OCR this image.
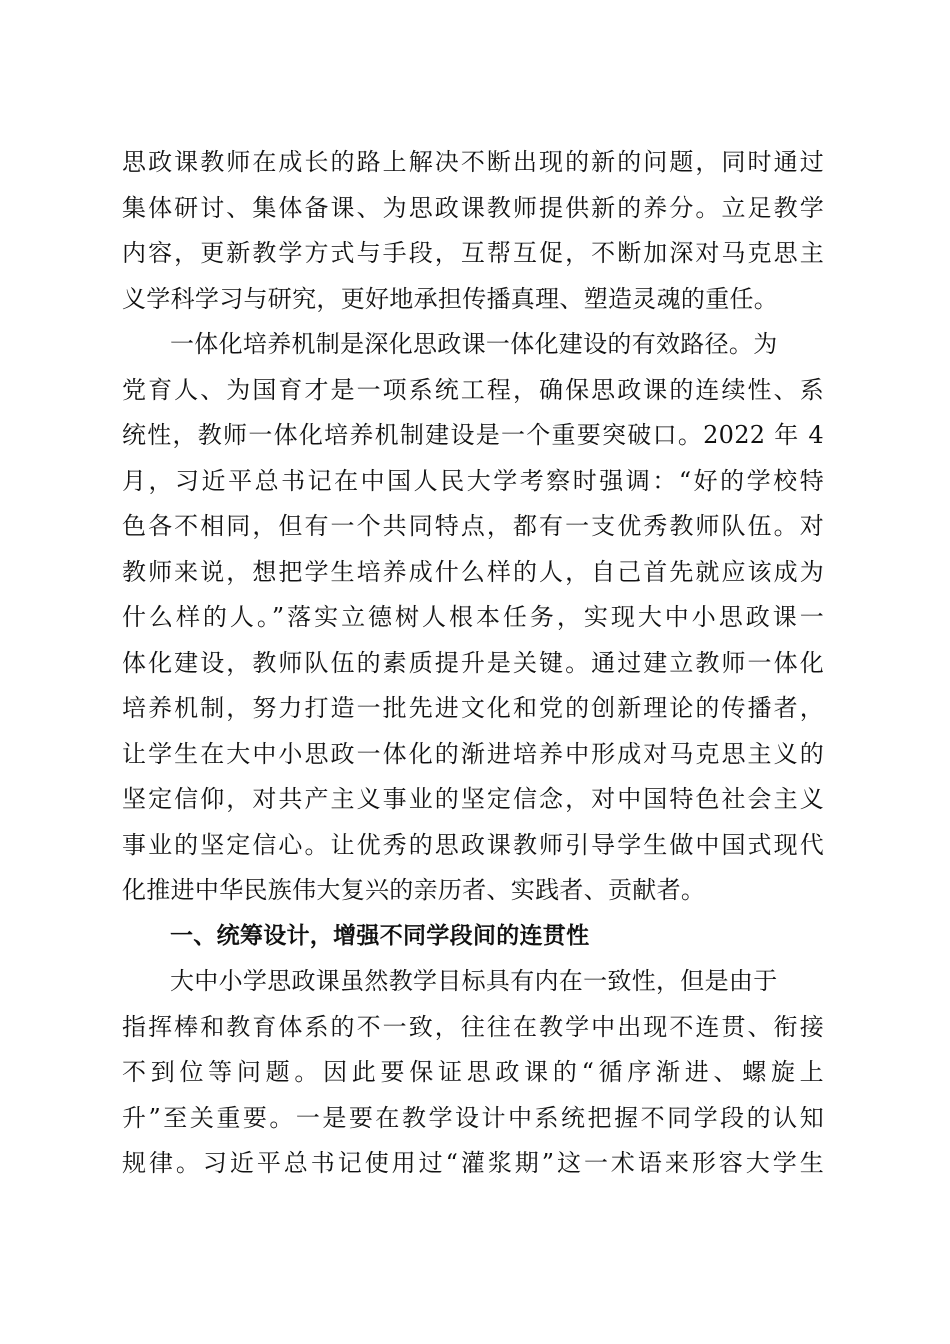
思政课教师在成长的路上解决不断出现的新的问题，同时通过
集体研讨、集体备课、为思政课教师提供新的养分。立足教学
内容，更新教学方式与手段，互帮互促，不断加深对马克思主
义学科学习与研究，更好地承担传播真理、塑造灵魂的重任。
一体化培养机制是深化思政课一体化建设的有效路径。为
党育人、为国育才是一项系统工程，确保思政课的连续性、系
统性，教师一体化培养机制建设是一个重要突破口。2022 年 4
月，习近平总书记在中国人民大学考察时强调：“好的学校特
色各不相同，但有一个共同特点，都有一支优秀教师队伍。对
教师来说，想把学生培养成什么样的人，自己首先就应该成为
什么样的人。”落实立德树人根本任务，实现大中小思政课一
体化建设，教师队伍的素质提升是关键。通过建立教师一体化
培养机制，努力打造一批先进文化和党的创新理论的传播者，
让学生在大中小思政一体化的渐进培养中形成对马克思主义的
坚定信仰，对共产主义事业的坚定信念，对中国特色社会主义
事业的坚定信心。让优秀的思政课教师引导学生做中国式现代
化推进中华民族伟大复兴的亲历者、实践者、贡献者。
一、统筹设计，增强不同学段间的连贯性
大中小学思政课虽然教学目标具有内在一致性，但是由于
指挥棒和教育体系的不一致，往往在教学中出现不连贯、衔接
不到位等问题。因此要保证思政课的“循序渐进、螺旋上
升”至关重要。一是要在教学设计中系统把握不同学段的认知
规律。习近平总书记使用过“灌浆期”这一术语来形容大学生
